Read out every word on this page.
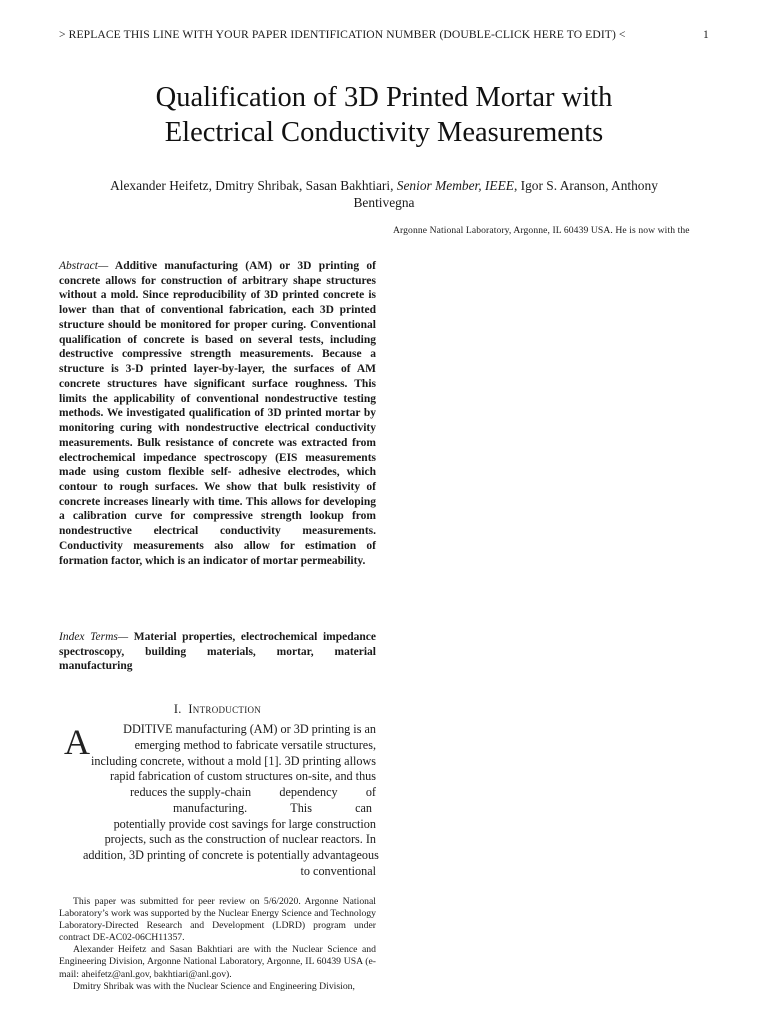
> REPLACE THIS LINE WITH YOUR PAPER IDENTIFICATION NUMBER (DOUBLE-CLICK HERE TO EDIT) <	1
Qualification of 3D Printed Mortar with
Electrical Conductivity Measurements
Alexander Heifetz, Dmitry Shribak, Sasan Bakhtiari, Senior Member, IEEE, Igor S. Aranson, Anthony
Bentivegna
Argonne National Laboratory, Argonne, IL 60439 USA. He is now with the
Abstract— Additive manufacturing (AM) or 3D printing of concrete allows for construction of arbitrary shape structures without a mold. Since reproducibility of 3D printed concrete is lower than that of conventional fabrication, each 3D printed structure should be monitored for proper curing. Conventional qualification of concrete is based on several tests, including destructive compressive strength measurements. Because a structure is 3-D printed layer-by-layer, the surfaces of AM concrete structures have significant surface roughness. This limits the applicability of conventional nondestructive testing methods. We investigated qualification of 3D printed mortar by monitoring curing with nondestructive electrical conductivity measurements. Bulk resistance of concrete was extracted from electrochemical impedance spectroscopy (EIS measurements made using custom flexible self- adhesive electrodes, which contour to rough surfaces. We show that bulk resistivity of concrete increases linearly with time. This allows for developing a calibration curve for compressive strength lookup from nondestructive electrical conductivity measurements. Conductivity measurements also allow for estimation of formation factor, which is an indicator of mortar permeability.
Index Terms— Material properties, electrochemical impedance spectroscopy, building materials, mortar, material manufacturing
I. Introduction
A	DDITIVE manufacturing (AM) or 3D printing is an
emerging method to fabricate versatile structures,
including concrete, without a mold [1]. 3D printing allows
rapid fabrication of custom structures on-site, and thus
reduces the supply-chain dependency of
manufacturing.	This	can
potentially provide cost savings for large construction
projects, such as the construction of nuclear reactors. In
addition, 3D printing of concrete is potentially advantageous
to conventional

This paper was submitted for peer review on 5/6/2020. Argonne National Laboratory’s work was supported by the Nuclear Energy Science and Technology Laboratory-Directed Research and Development (LDRD) program under contract DE-AC02-06CH11357.

Alexander Heifetz and Sasan Bakhtiari are with the Nuclear Science and Engineering Division, Argonne National Laboratory, Argonne, IL 60439 USA (e-mail: aheifetz@anl.gov, bakhtiari@anl.gov).

Dmitry Shribak was with the Nuclear Science and Engineering Division,
